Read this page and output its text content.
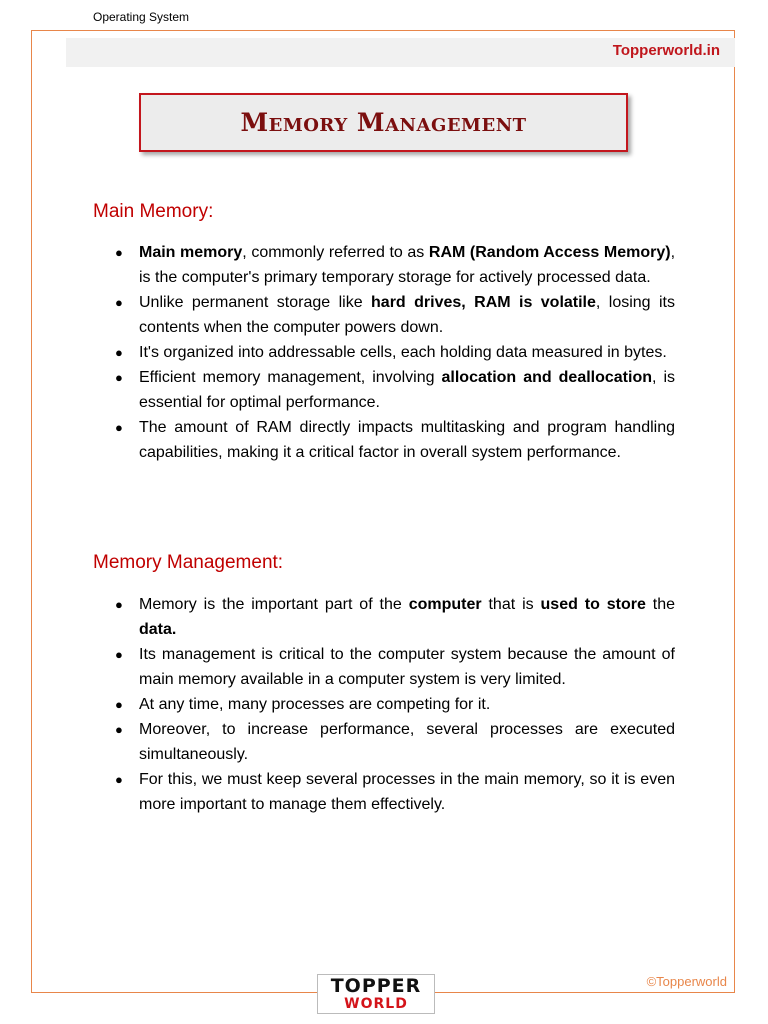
Operating System
Topperworld.in
Memory Management
Main Memory:
● Main memory, commonly referred to as RAM (Random Access Memory), is the computer's primary temporary storage for actively processed data.
● Unlike permanent storage like hard drives, RAM is volatile, losing its contents when the computer powers down.
● It's organized into addressable cells, each holding data measured in bytes.
● Efficient memory management, involving allocation and deallocation, is essential for optimal performance.
● The amount of RAM directly impacts multitasking and program handling capabilities, making it a critical factor in overall system performance.
Memory Management:
● Memory is the important part of the computer that is used to store the data.
● Its management is critical to the computer system because the amount of main memory available in a computer system is very limited.
● At any time, many processes are competing for it.
● Moreover, to increase performance, several processes are executed simultaneously.
● For this, we must keep several processes in the main memory, so it is even more important to manage them effectively.
TOPPER
WORLD
©Topperworld
